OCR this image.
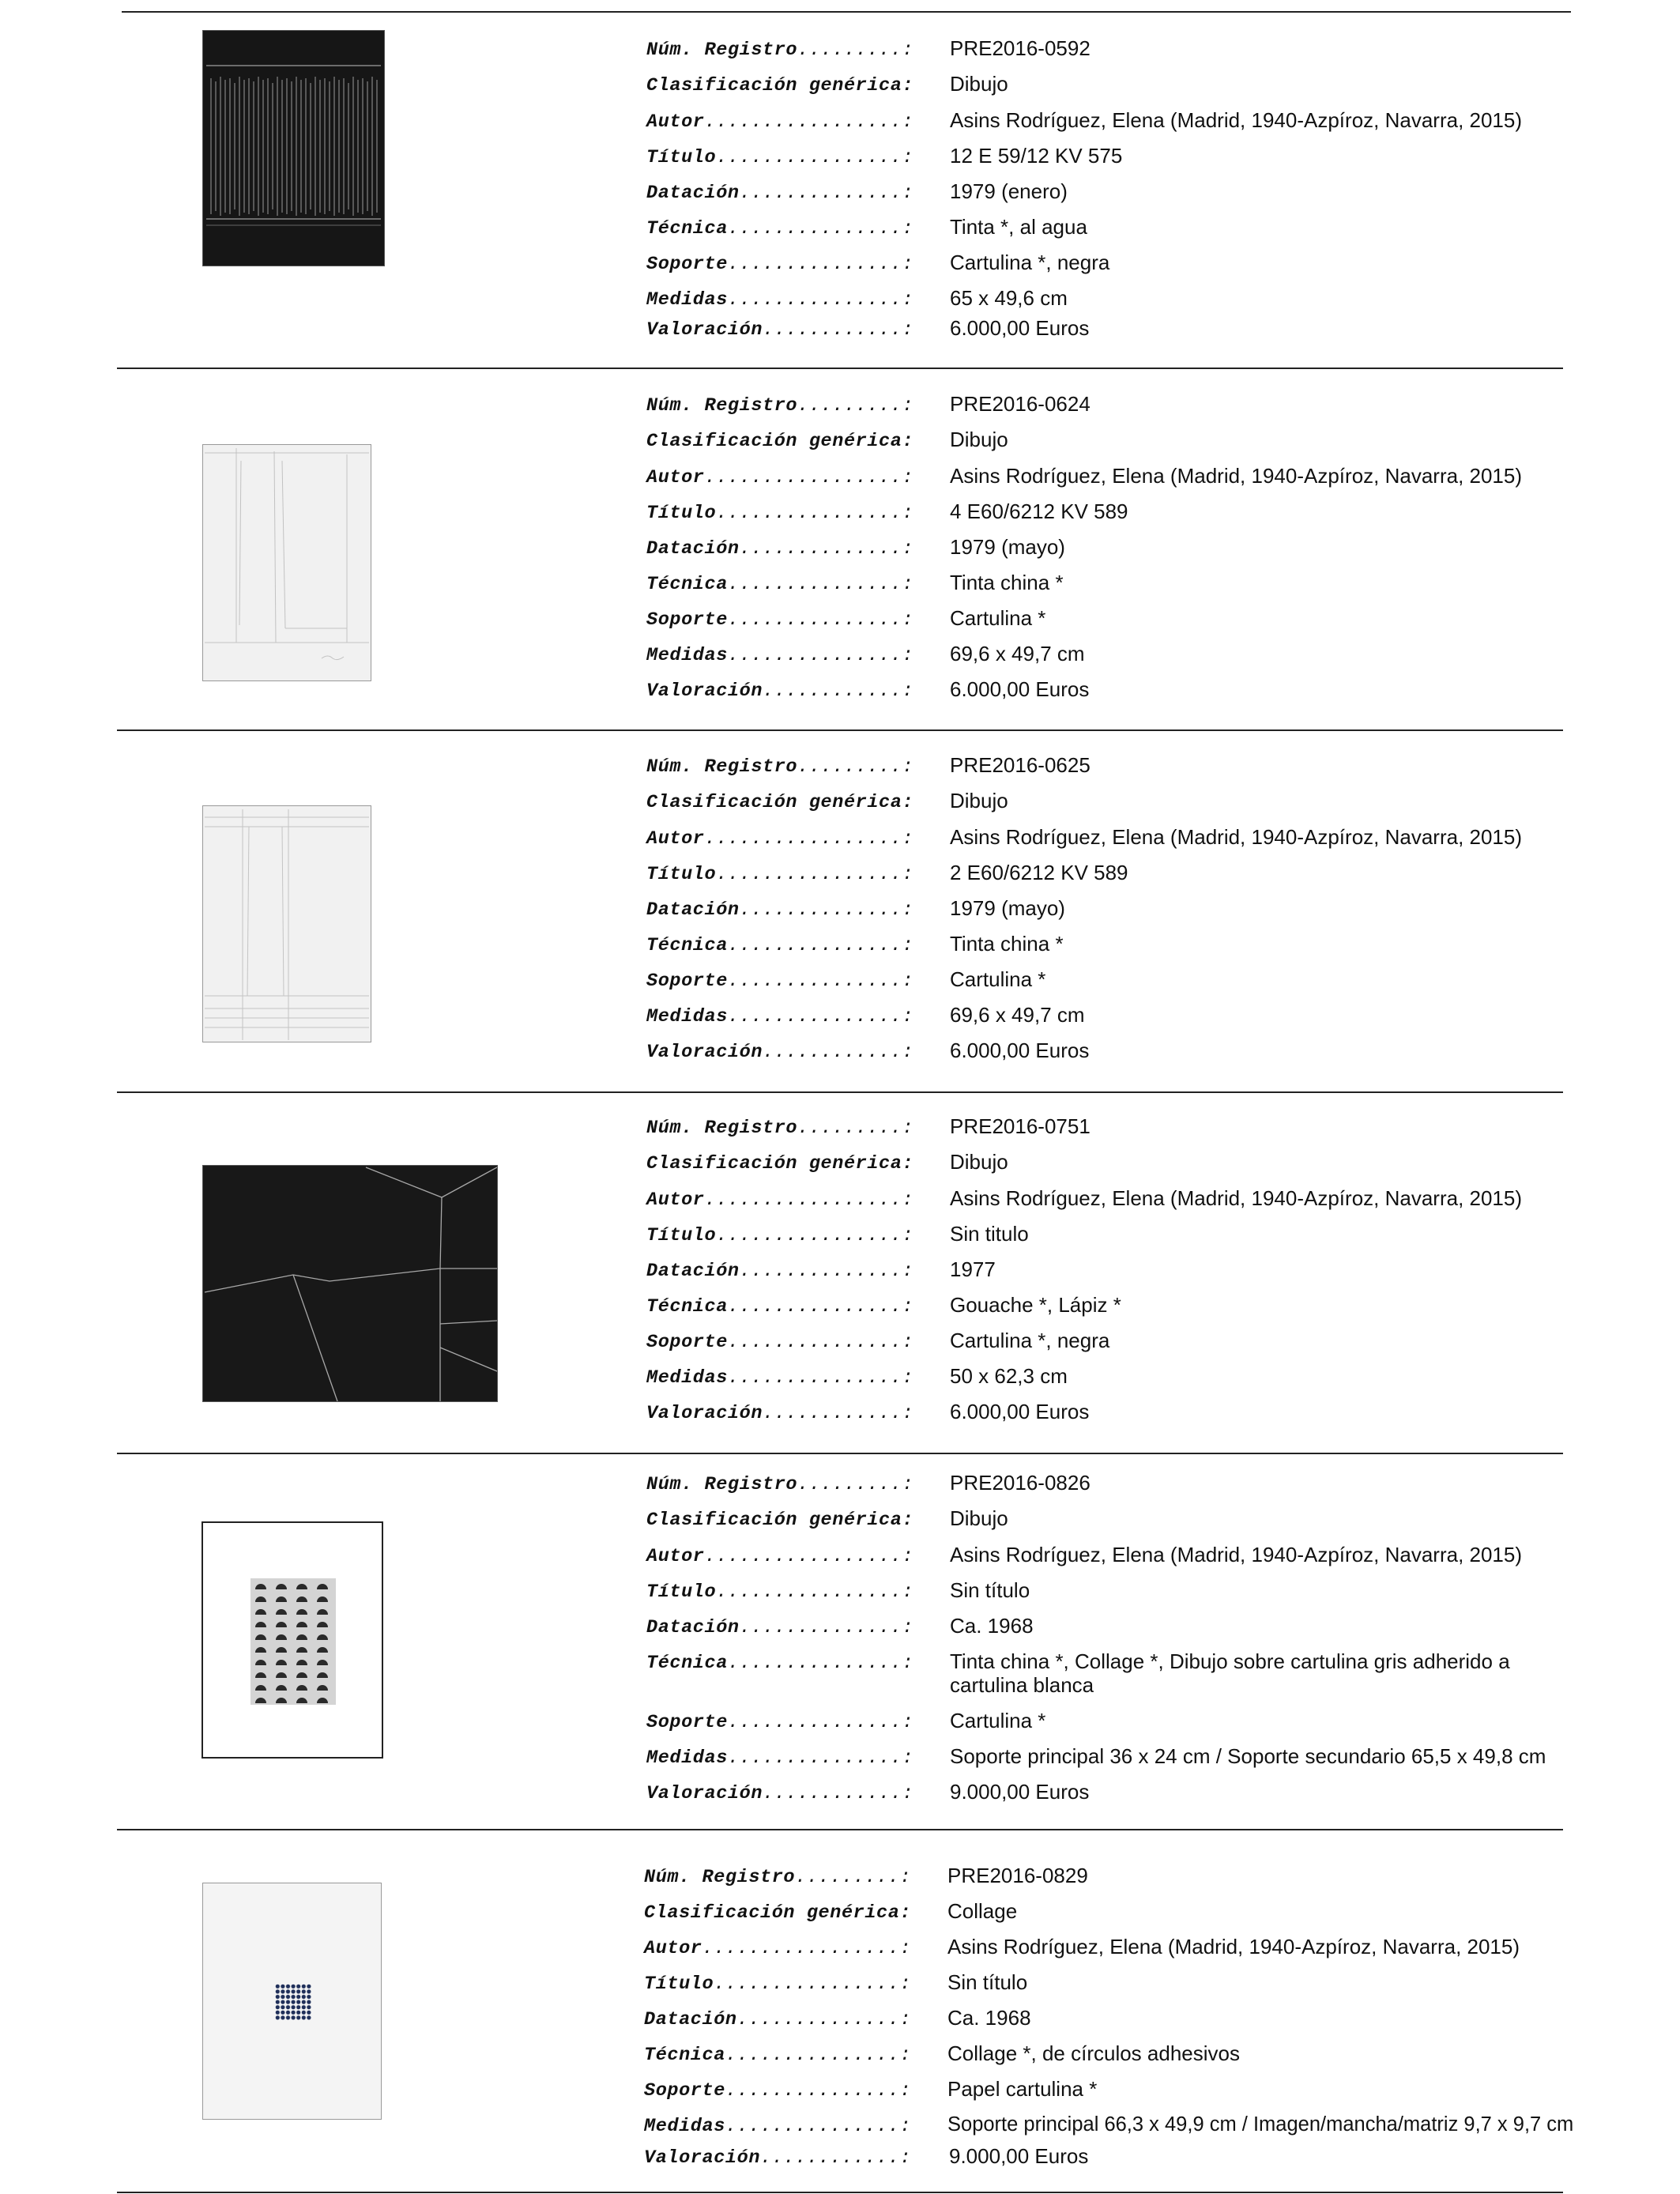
Núm. Registro.........: PRE2016-0592
Clasificación genérica: Dibujo
Autor.................: Asins Rodríguez, Elena (Madrid, 1940-Azpíroz, Navarra, 2015)
Título................: 12 E 59/12 KV 575
Datación..............: 1979 (enero)
Técnica...............: Tinta *, al agua
Soporte...............: Cartulina *, negra
Medidas...............: 65 x 49,6 cm
Valoración............: 6.000,00 Euros
Núm. Registro.........: PRE2016-0624
Clasificación genérica: Dibujo
Autor.................: Asins Rodríguez, Elena (Madrid, 1940-Azpíroz, Navarra, 2015)
Título................: 4 E60/6212 KV 589
Datación..............: 1979 (mayo)
Técnica...............: Tinta china *
Soporte...............: Cartulina *
Medidas...............: 69,6 x 49,7 cm
Valoración............: 6.000,00 Euros
Núm. Registro.........: PRE2016-0625
Clasificación genérica: Dibujo
Autor.................: Asins Rodríguez, Elena (Madrid, 1940-Azpíroz, Navarra, 2015)
Título................: 2 E60/6212 KV 589
Datación..............: 1979 (mayo)
Técnica...............: Tinta china *
Soporte...............: Cartulina *
Medidas...............: 69,6 x 49,7 cm
Valoración............: 6.000,00 Euros
Núm. Registro.........: PRE2016-0751
Clasificación genérica: Dibujo
Autor.................: Asins Rodríguez, Elena (Madrid, 1940-Azpíroz, Navarra, 2015)
Título................: Sin titulo
Datación..............: 1977
Técnica...............: Gouache *, Lápiz *
Soporte...............: Cartulina *, negra
Medidas...............: 50 x 62,3 cm
Valoración............: 6.000,00 Euros
Núm. Registro.........: PRE2016-0826
Clasificación genérica: Dibujo
Autor.................: Asins Rodríguez, Elena (Madrid, 1940-Azpíroz, Navarra, 2015)
Título................: Sin título
Datación..............: Ca. 1968
Técnica...............: Tinta china *, Collage *, Dibujo sobre cartulina gris adherido a
cartulina blanca
Soporte...............: Cartulina *
Medidas...............: Soporte principal 36 x 24 cm / Soporte secundario 65,5 x 49,8 cm
Valoración............: 9.000,00 Euros
Núm. Registro.........: PRE2016-0829
Clasificación genérica: Collage
Autor.................: Asins Rodríguez, Elena (Madrid, 1940-Azpíroz, Navarra, 2015)
Título................: Sin título
Datación..............: Ca. 1968
Técnica...............: Collage *, de círculos adhesivos
Soporte...............: Papel cartulina *
Medidas...............: Soporte principal 66,3 x 49,9 cm / Imagen/mancha/matriz 9,7 x 9,7 cm
Valoración............: 9.000,00 Euros
